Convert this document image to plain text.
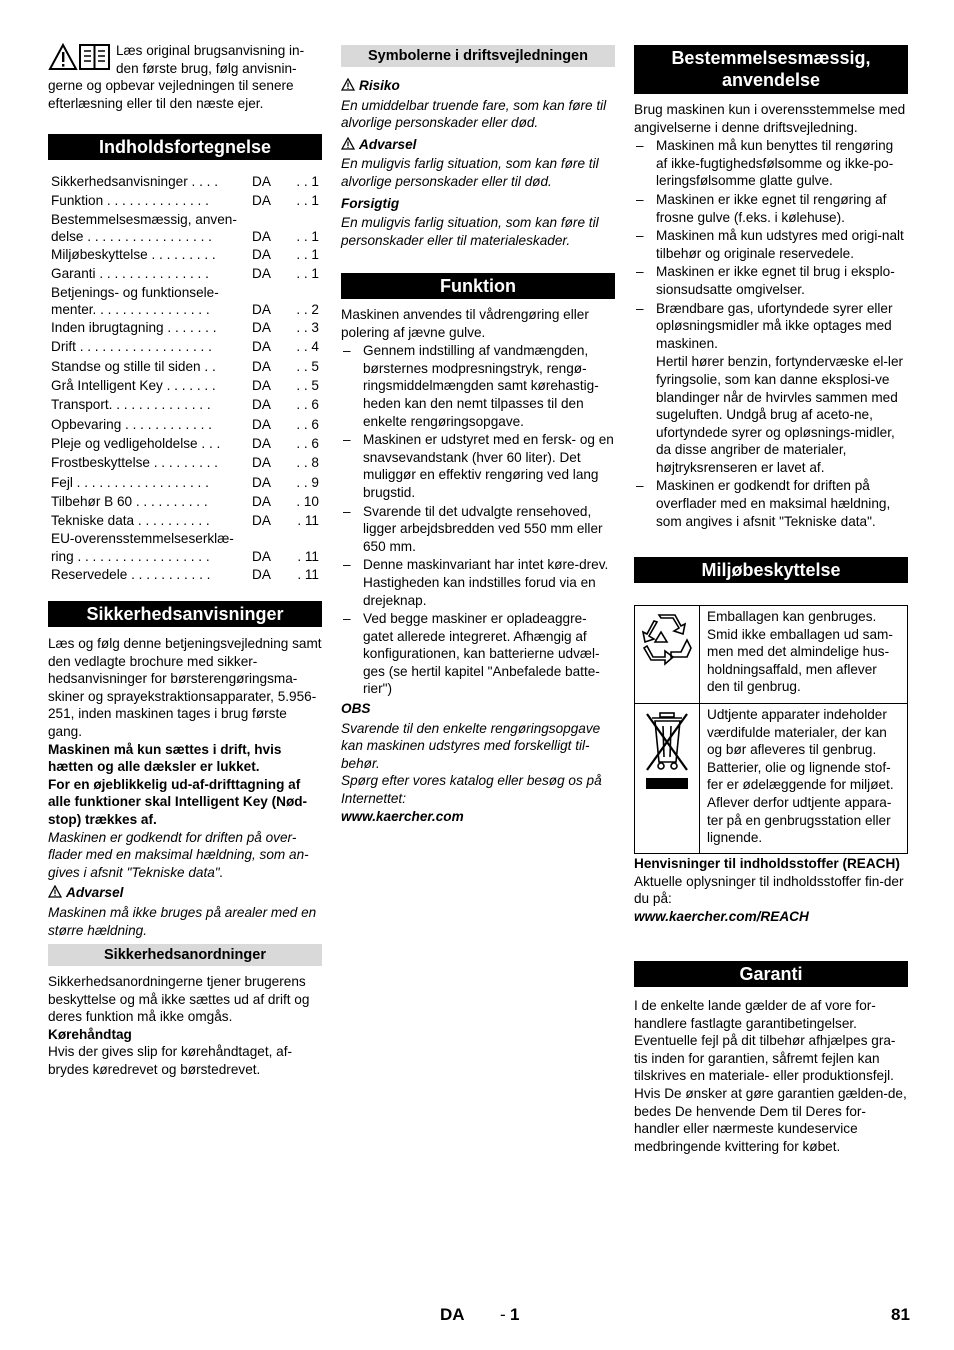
Læs original brugsanvisning in-

den første brug, følg anvisnin-

gerne og opbevar vejledningen til senere efterlæsning eller til den næste ejer.

Indholdsfortegnelse
Sikkerhedsanvisninger . . . .	DA	. . 1
Funktion . . . . . . . . . . . . . .	DA	. . 1
Bestemmelsesmæssig, anven-
delse . . . . . . . . . . . . . . . . .	DA	. . 1
Miljøbeskyttelse . . . . . . . . .	DA	. . 1
Garanti . . . . . . . . . . . . . . .	DA	. . 1
Betjenings- og funktionsele-
menter. . . . . . . . . . . . . . . .	DA	. . 2
Inden ibrugtagning . . . . . . .	DA	. . 3
Drift . . . . . . . . . . . . . . . . . .	DA	. . 4
Standse og stille til siden . .	DA	. . 5
Grå Intelligent Key . . . . . . .	DA	. . 5
Transport. . . . . . . . . . . . . .	DA	. . 6
Opbevaring . . . . . . . . . . . .	DA	. . 6
Pleje og vedligeholdelse . . .	DA	. . 6
Frostbeskyttelse . . . . . . . . .	DA	. . 8
Fejl . . . . . . . . . . . . . . . . . .	DA	. . 9
Tilbehør B 60 . . . . . . . . . .	DA	. 10
Tekniske data . . . . . . . . . .	DA	. 11
EU-overensstemmelseserklæ-
ring . . . . . . . . . . . . . . . . . .	DA	. 11
Reservedele . . . . . . . . . . .	DA	. 11
Sikkerhedsanvisninger

Læs og følg denne betjeningsvejledning samt den vedlagte brochure med sikker-hedsanvisninger for børsterengøringsma-skiner og sprayekstraktionsapparater, 5.956-251, inden maskinen tages i brug første gang.

Maskinen må kun sættes i drift, hvis hætten og alle dæksler er lukket.

For en øjeblikkelig ud-af-drifttagning af alle funktioner skal Intelligent Key (Nød-stop) trækkes af.

Maskinen er godkendt for driften på over-flader med en maksimal hældning, som an-gives i afsnit "Tekniske data".

Advarsel

Maskinen må ikke bruges på arealer med en større hældning.

Sikkerhedsanordninger

Sikkerhedsanordningerne tjener brugerens beskyttelse og må ikke sættes ud af drift og deres funktion må ikke omgås.

Kørehåndtag

Hvis der gives slip for kørehåndtaget, af-brydes køredrevet og børstedrevet.

Symbolerne i driftsvejledningen

Risiko

En umiddelbar truende fare, som kan føre til alvorlige personskader eller død.

Advarsel

En muligvis farlig situation, som kan føre til alvorlige personskader eller til død.

Forsigtig

En muligvis farlig situation, som kan føre til personskader eller til materialeskader.

Funktion

Maskinen anvendes til vådrengøring eller polering af jævne gulve.

– Gennem indstilling af vandmængden, børsternes modpresningstryk, rengø-ringsmiddelmængden samt kørehastig-heden kan den nemt tilpasses til den enkelte rengøringsopgave.
– Maskinen er udstyret med en fersk- og en snavsevandstank (hver 60 liter). Det muliggør en effektiv rengøring ved lang brugstid.
– Svarende til det udvalgte rensehoved, ligger arbejdsbredden ved 550 mm eller 650 mm.
– Denne maskinvariant har intet køre-drev. Hastigheden kan indstilles forud via en drejeknap.
– Ved begge maskiner er opladeaggre-gatet allerede integreret. Afhængig af konfigurationen, kan batterierne udvæl-ges (se hertil kapitel "Anbefalede batte-rier")

OBS

Svarende til den enkelte rengøringsopgave kan maskinen udstyres med forskelligt til-behør.

Spørg efter vores katalog eller besøg os på Internettet:

www.kaercher.com

Bestemmelsesmæssig, anvendelse

Brug maskinen kun i overensstemmelse med angivelserne i denne driftsvejledning.

– Maskinen må kun benyttes til rengøring af ikke-fugtighedsfølsomme og ikke-po-leringsfølsomme glatte gulve.
– Maskinen er ikke egnet til rengøring af frosne gulve (f.eks. i kølehuse).
– Maskinen må kun udstyres med origi-nalt tilbehør og originale reservedele.
– Maskinen er ikke egnet til brug i eksplo-sionsudsatte omgivelser.
– Brændbare gas, ufortyndede syrer eller opløsningsmidler må ikke optages med maskinen.

Hertil hører benzin, fortyndervæske el-ler fyringsolie, som kan danne eksplosi-ve blandinger når de hvirvles sammen med sugeluften. Undgå brug af aceto-ne, ufortyndede syrer og opløsnings-midler, da disse angriber de materialer, højtryksrenseren er lavet af.

– Maskinen er godkendt for driften på overflader med en maksimal hældning, som angives i afsnit "Tekniske data".
Miljøbeskyttelse
	Emballagen kan genbruges. Smid ikke emballagen ud sam-men med det almindelige hus-holdningsaffald, men aflever den til genbrug.
	Udtjente apparater indeholder værdifulde materialer, der kan og bør afleveres til genbrug. Batterier, olie og lignende stof-fer er ødelæggende for miljøet. Aflever derfor udtjente appara-ter på en genbrugsstation eller lignende.

Henvisninger til indholdsstoffer (REACH)

Aktuelle oplysninger til indholdsstoffer fin-der du på:

www.kaercher.com/REACH

Garanti

I de enkelte lande gælder de af vore for-handlere fastlagte garantibetingelser. Eventuelle fejl på dit tilbehør afhjælpes gra-tis inden for garantien, såfremt fejlen kan tilskrives en materiale- eller produktionsfejl. Hvis De ønsker at gøre garantien gælden-de, bedes De henvende Dem til Deres for-handler eller nærmeste kundeservice medbringende kvittering for købet.

DA - 1	81
